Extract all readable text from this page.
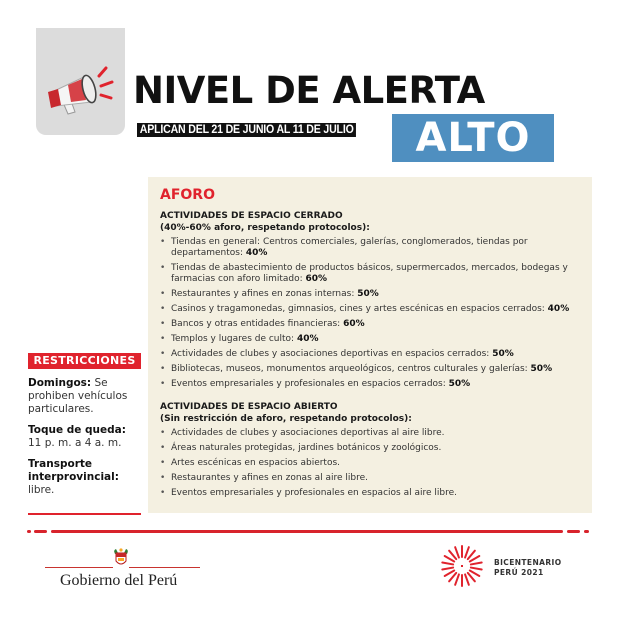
NIVEL DE ALERTA
APLICAN DEL 21 DE JUNIO AL 11 DE JULIO	ALTO
AFORO
ACTIVIDADES DE ESPACIO CERRADO
(40%-60% aforo, respetando protocolos):
• Tiendas en general: Centros comerciales, galerías, conglomerados, tiendas por departamentos: 40%
• Tiendas de abastecimiento de productos básicos, supermercados, mercados, bodegas y farmacias con aforo limitado: 60%
• Restaurantes y afines en zonas internas: 50%
• Casinos y tragamonedas, gimnasios, cines y artes escénicas en espacios cerrados: 40%
• Bancos y otras entidades financieras: 60%
• Templos y lugares de culto: 40%
• Actividades de clubes y asociaciones deportivas en espacios cerrados: 50%
• Bibliotecas, museos, monumentos arqueológicos, centros culturales y galerías: 50%
• Eventos empresariales y profesionales en espacios cerrados: 50%
ACTIVIDADES DE ESPACIO ABIERTO
(Sin restricción de aforo, respetando protocolos):
• Actividades de clubes y asociaciones deportivas al aire libre.
• Áreas naturales protegidas, jardines botánicos y zoológicos.
• Artes escénicas en espacios abiertos.
• Restaurantes y afines en zonas al aire libre.
• Eventos empresariales y profesionales en espacios al aire libre.
RESTRICCIONES
Domingos: Se prohiben vehículos particulares.
Toque de queda:
11 p. m. a 4 a. m.
Transporte interprovincial:
libre.
Gobierno del Perú
BICENTENARIO
PERÚ 2021
